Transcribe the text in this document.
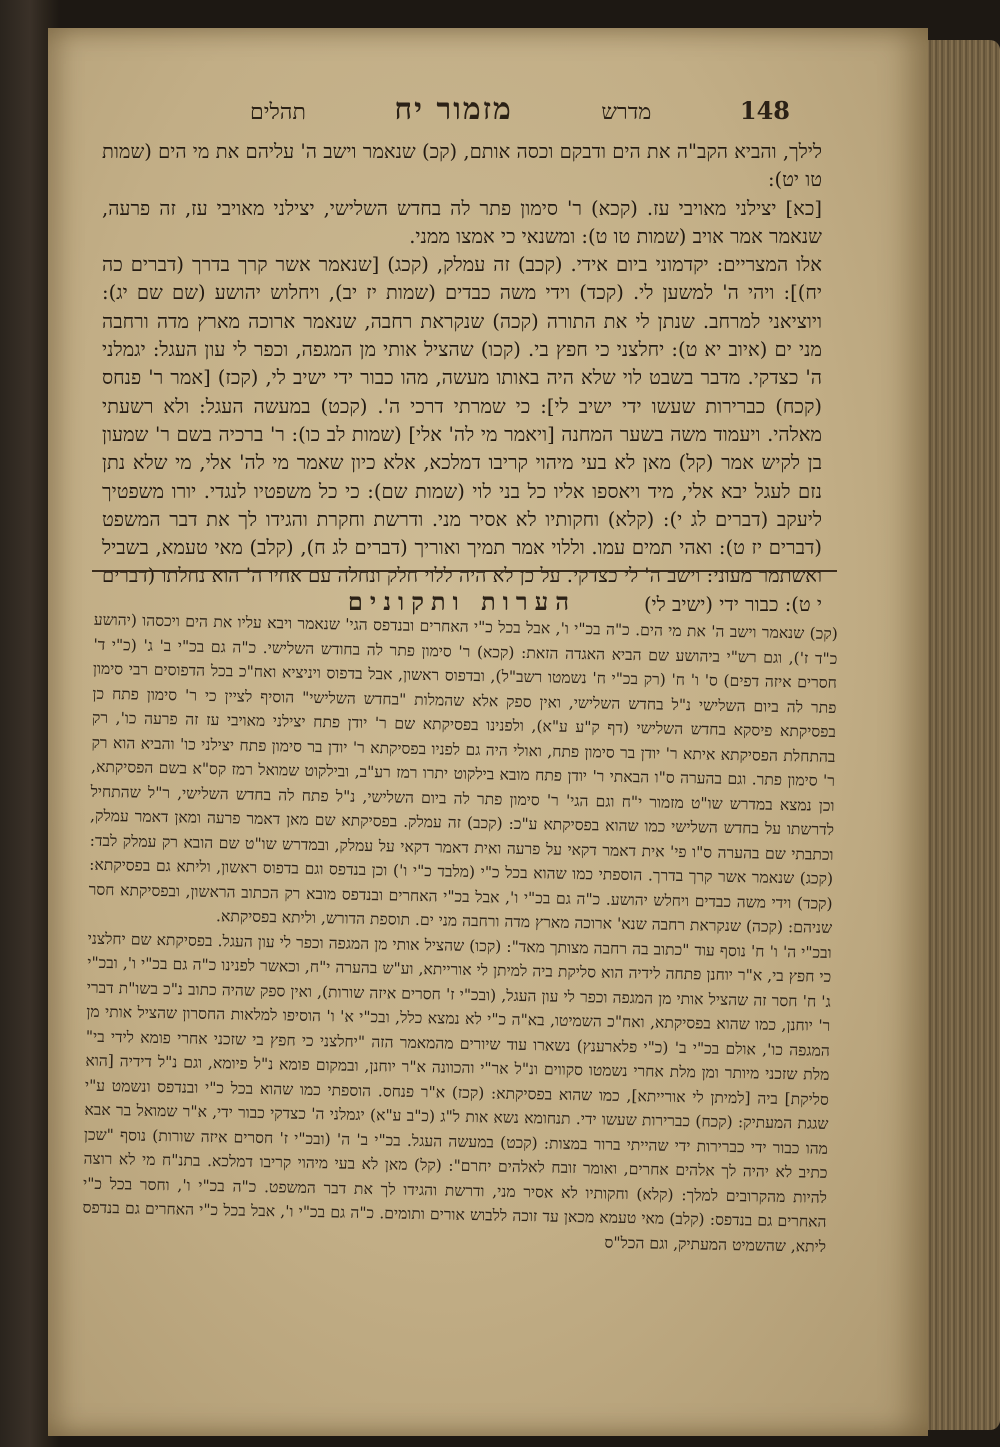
תהלים	מזמור יח	מדרש	148

לילך, והביא הקב"ה את הים ודבקם וכסה אותם, (קכ) שנאמר וישב ה' עליהם את מי הים (שמות טו יט):

[כא] יצילני מאויבי עז. (קכא) ר' סימון פתר לה בחדש השלישי, יצילני מאויבי עז, זה פרעה, שנאמר אמר אויב (שמות טו ט): ומשנאי כי אמצו ממני.

אלו המצריים: יקדמוני ביום אידי. (קכב) זה עמלק, (קכג) [שנאמר אשר קרך בדרך (דברים כה יח)]: ויהי ה' למשען לי. (קכד) וידי משה כבדים (שמות יז יב), ויחלוש יהושע (שם שם יג): ויוציאני למרחב. שנתן לי את התורה (קכה) שנקראת רחבה, שנאמר ארוכה מארץ מדה ורחבה מני ים (איוב יא ט): יחלצני כי חפץ בי. (קכו) שהציל אותי מן המגפה, וכפר לי עון העגל: יגמלני ה' כצדקי. מדבר בשבט לוי שלא היה באותו מעשה, מהו כבור ידי ישיב לי, (קכז) [אמר ר' פנחס (קכח) כברירות שעשו ידי ישיב לי]: כי שמרתי דרכי ה'. (קכט) במעשה העגל: ולא רשעתי מאלהי. ויעמוד משה בשער המחנה [ויאמר מי לה' אלי] (שמות לב כו): ר' ברכיה בשם ר' שמעון בן לקיש אמר (קל) מאן לא בעי מיהוי קריבו דמלכא, אלא כיון שאמר מי לה' אלי, מי שלא נתן נזם לעגל יבא אלי, מיד ויאספו אליו כל בני לוי (שמות שם): כי כל משפטיו לנגדי. יורו משפטיך ליעקב (דברים לג י): (קלא) וחקותיו לא אסיר מני. ודרשת וחקרת והגידו לך את דבר המשפט (דברים יז ט): ואהי תמים עמו. וללוי אמר תמיך ואוריך (דברים לג ח), (קלב) מאי טעמא, בשביל ואשתמר מעוני: וישב ה' לי כצדקי. על כן לא היה ללוי חלק ונחלה עם אחיו ה' הוא נחלתו (דברים י ט): כבור ידי (ישיב לי)

הערות ותקונים

(קכ) שנאמר וישב ה' את מי הים. כ"ה בכ"י ו', אבל בכל כ"י האחרים ובנדפס הגי' שנאמר ויבא עליו את הים ויכסהו (יהושע כ"ד ז'), וגם רש"י ביהושע שם הביא האגדה הזאת: (קכא) ר' סימון פתר לה בחודש השלישי. כ"ה גם בכ"י ב' ג' (כ"י ד' חסרים איזה דפים) ס' ו' ח' (רק בכ"י ח' נשמטו רשב"ל), ובדפוס ראשון, אבל בדפוס ויניציא ואח"כ בכל הדפוסים רבי סימון פתר לה ביום השלישי נ"ל בחדש השלישי, ואין ספק אלא שהמלות "בחדש השלישי" הוסיף לציין כי ר' סימון פתח כן בפסיקתא פיסקא בחדש השלישי (דף ק"ע ע"א), ולפנינו בפסיקתא שם ר' יודן פתח יצילני מאויבי עז זה פרעה כו', רק בהתחלת הפסיקתא איתא ר' יודן בר סימון פתח, ואולי היה גם לפניו בפסיקתא ר' יודן בר סימון פתח יצילני כו' והביא הוא רק ר' סימון פתר. וגם בהערה ס"ו הבאתי ר' יודן פתח מובא בילקוט יתרו רמז רע"ב, ובילקוט שמואל רמז קס"א בשם הפסיקתא, וכן נמצא במדרש שו"ט מזמור י"ח וגם הגי' ר' סימון פתר לה ביום השלישי, נ"ל פתח לה בחדש השלישי, ר"ל שהתחיל לדרשתו על בחדש השלישי כמו שהוא בפסיקתא ע"כ: (קכב) זה עמלק. בפסיקתא שם מאן דאמר פרעה ומאן דאמר עמלק, וכתבתי שם בהערה ס"ו פי' אית דאמר דקאי על פרעה ואית דאמר דקאי על עמלק, ובמדרש שו"ט שם הובא רק עמלק לבד: (קכג) שנאמר אשר קרך בדרך. הוספתי כמו שהוא בכל כ"י (מלבד כ"י ו') וכן בנדפס וגם בדפוס ראשון, וליתא גם בפסיקתא: (קכד) וידי משה כבדים ויחלש יהושע. כ"ה גם בכ"י ו', אבל בכ"י האחרים ובנדפס מובא רק הכתוב הראשון, ובפסיקתא חסר שניהם: (קכה) שנקראת רחבה שנא' ארוכה מארץ מדה ורחבה מני ים. תוספת הדורש, וליתא בפסיקתא.

ובכ"י ה' ו' ח' נוסף עוד "כתוב בה רחבה מצותך מאד": (קכו) שהציל אותי מן המגפה וכפר לי עון העגל. בפסיקתא שם יחלצני כי חפץ בי, א"ר יוחנן פתחה לידיה הוא סליקת ביה למיתן לי אורייתא, וע"ש בהערה י"ח, וכאשר לפנינו כ"ה גם בכ"י ו', ובכ"י ג' ח' חסר זה שהציל אותי מן המגפה וכפר לי עון העגל, (ובכ"י ז' חסרים איזה שורות), ואין ספק שהיה כתוב נ"כ בשו"ת דברי ר' יוחנן, כמו שהוא בפסיקתא, ואח"כ השמיטו, בא"ה כ"י לא נמצא כלל, ובכ"י א' ו' הוסיפו למלאות החסרון שהציל אותי מן המגפה כו', אולם בכ"י ב' (כ"י פלארענץ) נשארו עוד שיורים מהמאמר הזה "יחלצני כי חפץ בי שזכני אחרי פומא לידי בי" מלת שזכני מיותר ומן מלת אחרי נשמטו סקווים ונ"ל אר"י והכוונה א"ר יוחנן, ובמקום פומא נ"ל פיומא, וגם נ"ל דידיה [הוא סליקת] ביה [למיתן לי אורייתא], כמו שהוא בפסיקתא: (קכז) א"ר פנחס. הוספתי כמו שהוא בכל כ"י ובנדפס ונשמט ע"י שגגת המעתיק: (קכח) כברירות שעשו ידי. תנחומא נשא אות ל"ג (כ"ב ע"א) יגמלני ה' כצדקי כבור ידי, א"ר שמואל בר אבא מהו כבור ידי כברירות ידי שהייתי ברור במצות: (קכט) במעשה העגל. בכ"י ב' ה' (ובכ"י ז' חסרים איזה שורות) נוסף "שכן כתיב לא יהיה לך אלהים אחרים, ואומר זובח לאלהים יחרם": (קל) מאן לא בעי מיהוי קריבו דמלכא. בתנ"ח מי לא רוצה להיות מהקרובים למלך: (קלא) וחקותיו לא אסיר מני, ודרשת והגידו לך את דבר המשפט. כ"ה בכ"י ו', וחסר בכל כ"י האחרים גם בנדפס: (קלב) מאי טעמא מכאן עד זוכה ללבוש אורים ותומים. כ"ה גם בכ"י ו', אבל בכל כ"י האחרים גם בנדפס ליתא, שהשמיט המעתיק, וגם הכל"ס
